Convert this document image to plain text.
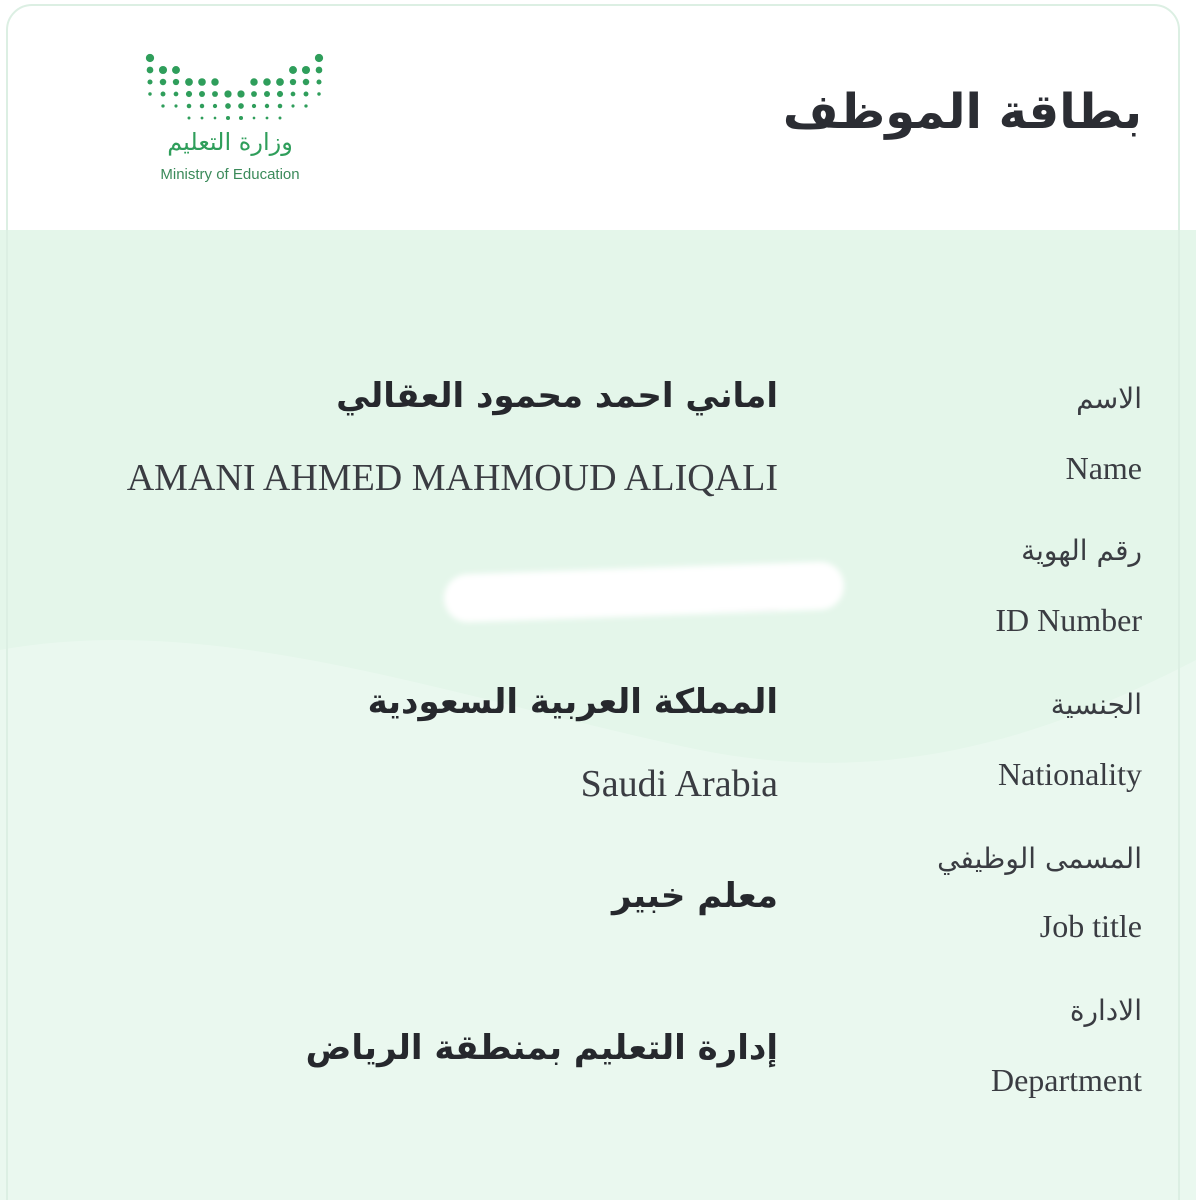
وزارة التعليم
Ministry of Education
بطاقة الموظف

الاسم

Name

اماني احمد محمود العقالي

AMANI AHMED MAHMOUD ALIQALI

رقم الهوية

ID Number

الجنسية

Nationality

المملكة العربية السعودية

Saudi Arabia

المسمى الوظيفي

Job title

معلم خبير

الادارة

Department

إدارة التعليم بمنطقة الرياض
